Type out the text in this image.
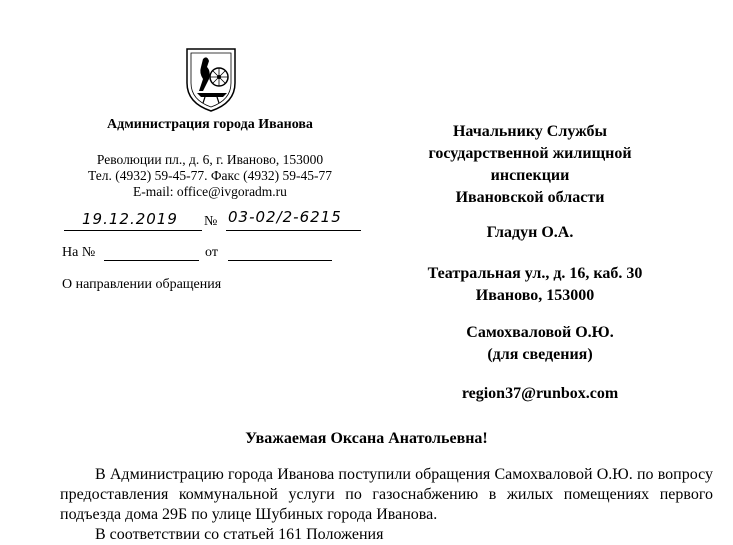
Администрация города Иванова
Революции пл., д. 6, г. Иваново, 153000
Тел. (4932) 59-45-77. Факс (4932) 59-45-77
E-mail: office@ivgoradm.ru
19.12.2019 № 03-02/2-6215
На №	от
О направлении обращения
Начальнику Службы
государственной жилищной
инспекции
Ивановской области
Гладун О.А.
Театральная ул., д. 16, каб. 30
Иваново, 153000
Самохваловой О.Ю.
(для сведения)
region37@runbox.com
Уважаемая Оксана Анатольевна!

В Администрацию города Иванова поступили обращения Самохваловой О.Ю. по вопросу предоставления коммунальной услуги по газоснабжению в жилых помещениях первого подъезда дома 29Б по улице Шубиных города Иванова.

В соответствии со статьей 161 Положения
